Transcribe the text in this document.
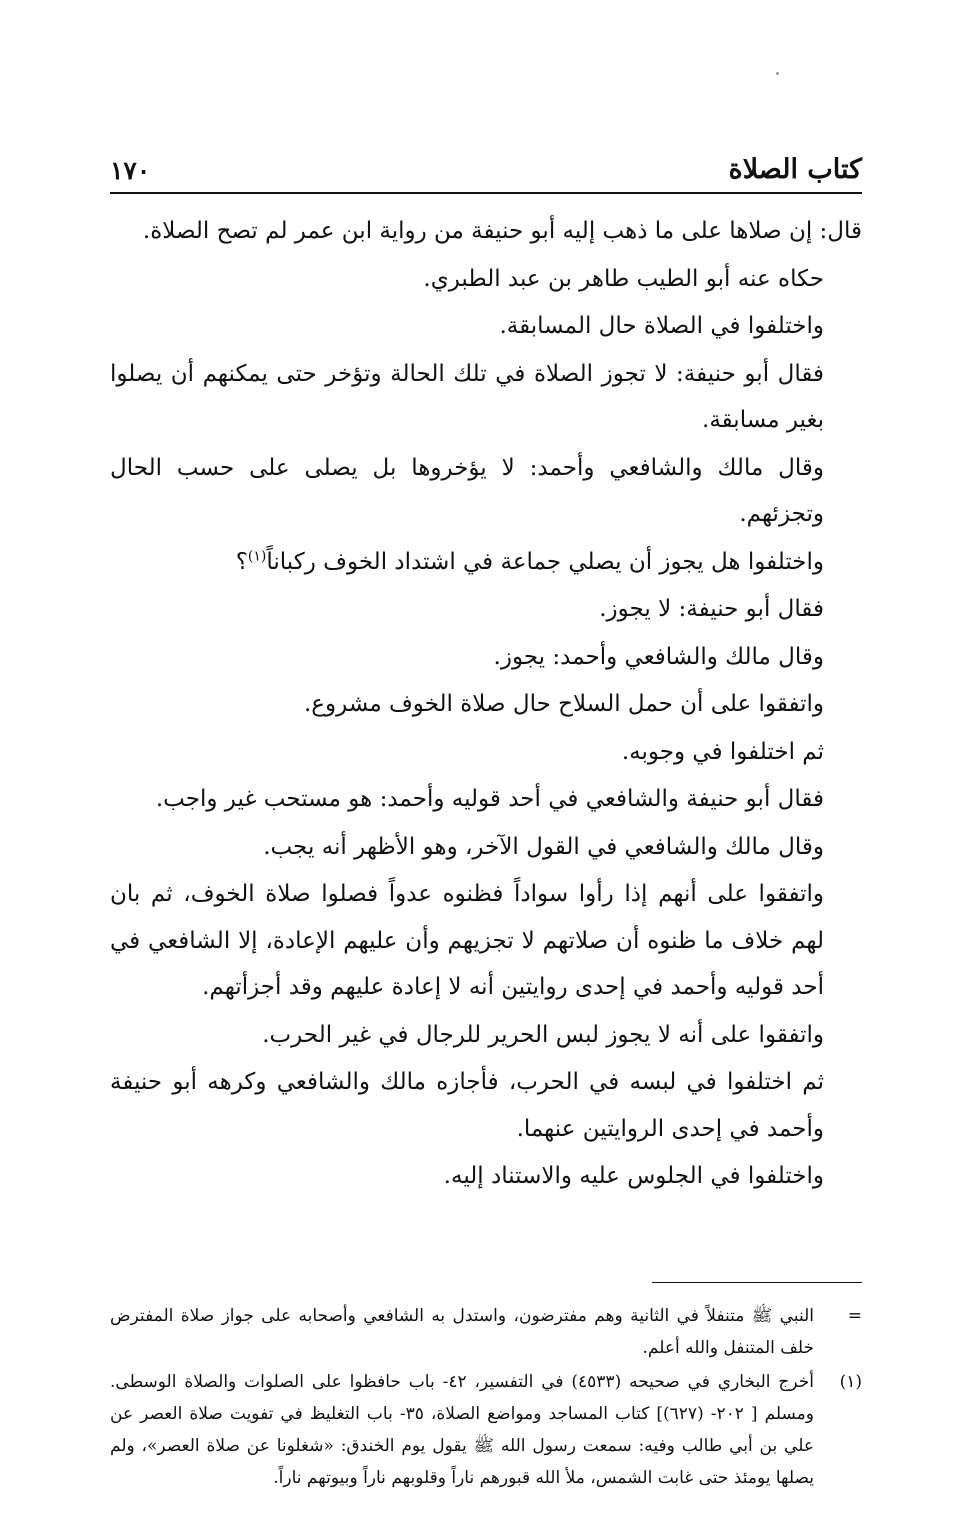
كتاب الصلاة
١٧٠

قال: إن صلاها على ما ذهب إليه أبو حنيفة من رواية ابن عمر لم تصح الصلاة.

حكاه عنه أبو الطيب طاهر بن عبد الطبري.

واختلفوا في الصلاة حال المسابقة.

فقال أبو حنيفة: لا تجوز الصلاة في تلك الحالة وتؤخر حتى يمكنهم أن يصلوا بغير مسابقة.

وقال مالك والشافعي وأحمد: لا يؤخروها بل يصلى على حسب الحال وتجزئهم.

واختلفوا هل يجوز أن يصلي جماعة في اشتداد الخوف ركباناً$^{(١)}$؟

فقال أبو حنيفة: لا يجوز.

وقال مالك والشافعي وأحمد: يجوز.

واتفقوا على أن حمل السلاح حال صلاة الخوف مشروع.

ثم اختلفوا في وجوبه.

فقال أبو حنيفة والشافعي في أحد قوليه وأحمد: هو مستحب غير واجب.

وقال مالك والشافعي في القول الآخر، وهو الأظهر أنه يجب.

واتفقوا على أنهم إذا رأوا سواداً فظنوه عدواً فصلوا صلاة الخوف، ثم بان لهم خلاف ما ظنوه أن صلاتهم لا تجزيهم وأن عليهم الإعادة، إلا الشافعي في أحد قوليه وأحمد في إحدى روايتين أنه لا إعادة عليهم وقد أجزأتهم.

واتفقوا على أنه لا يجوز لبس الحرير للرجال في غير الحرب.

ثم اختلفوا في لبسه في الحرب، فأجازه مالك والشافعي وكرهه أبو حنيفة وأحمد في إحدى الروايتين عنهما.

واختلفوا في الجلوس عليه والاستناد إليه.

=
النبي ﷺ متنفلاً في الثانية وهم مفترضون، واستدل به الشافعي وأصحابه على جواز صلاة المفترض خلف المتنفل والله أعلم.
(١)
أخرج البخاري في صحيحه (٤٥٣٣) في التفسير، ٤٢- باب حافظوا على الصلوات والصلاة الوسطى. ومسلم [ ٢٠٢- (٦٢٧)] كتاب المساجد ومواضع الصلاة، ٣٥- باب التغليظ في تفويت صلاة العصر عن علي بن أبي طالب وفيه: سمعت رسول الله ﷺ يقول يوم الخندق: «شغلونا عن صلاة العصر»، ولم يصلها يومئذ حتى غابت الشمس، ملأ الله قبورهم ناراً وقلوبهم ناراً وبيوتهم ناراً.
